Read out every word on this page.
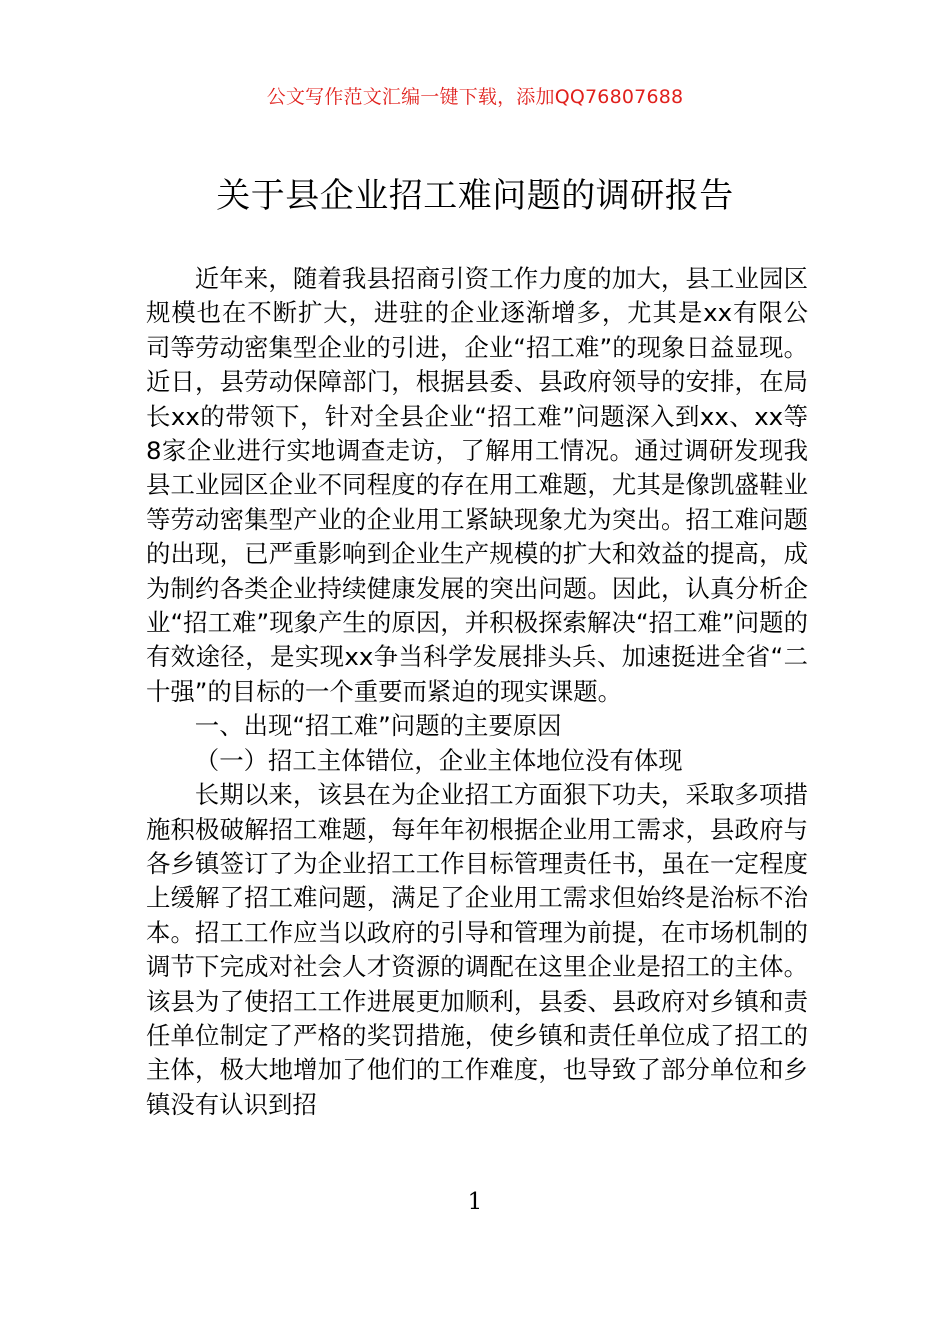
公文写作范文汇编一键下载，添加QQ76807688
关于县企业招工难问题的调研报告

近年来，随着我县招商引资工作力度的加大，县工业园区规模也在不断扩大，进驻的企业逐渐增多，尤其是xx有限公司等劳动密集型企业的引进，企业“招工难”的现象日益显现。近日，县劳动保障部门，根据县委、县政府领导的安排，在局长xx的带领下，针对全县企业“招工难”问题深入到xx、xx等8家企业进行实地调查走访，了解用工情况。通过调研发现我县工业园区企业不同程度的存在用工难题，尤其是像凯盛鞋业等劳动密集型产业的企业用工紧缺现象尤为突出。招工难问题的出现，已严重影响到企业生产规模的扩大和效益的提高，成为制约各类企业持续健康发展的突出问题。因此，认真分析企业“招工难”现象产生的原因，并积极探索解决“招工难”问题的有效途径，是实现xx争当科学发展排头兵、加速挺进全省“二十强”的目标的一个重要而紧迫的现实课题。

一、出现“招工难”问题的主要原因

（一）招工主体错位，企业主体地位没有体现

长期以来，该县在为企业招工方面狠下功夫，采取多项措施积极破解招工难题，每年年初根据企业用工需求，县政府与各乡镇签订了为企业招工工作目标管理责任书，虽在一定程度上缓解了招工难问题，满足了企业用工需求但始终是治标不治本。招工工作应当以政府的引导和管理为前提，在市场机制的调节下完成对社会人才资源的调配在这里企业是招工的主体。该县为了使招工工作进展更加顺利，县委、县政府对乡镇和责任单位制定了严格的奖罚措施，使乡镇和责任单位成了招工的主体，极大地增加了他们的工作难度，也导致了部分单位和乡镇没有认识到招

1
